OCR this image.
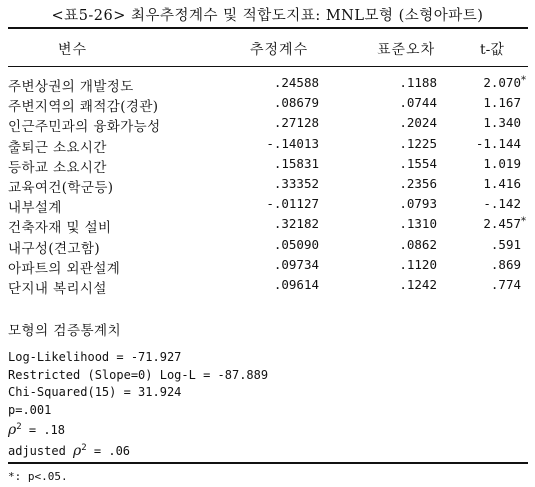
<표5-26> 최우추정계수 및 적합도지표: MNL모형 (소형아파트)
변수	추정계수	표준오차	t-값
주변상권의 개발정도	.24588	.1188	2.070 *
주변지역의 쾌적감(경관)	.08679	.0744	1.167
인근주민과의 융화가능성	.27128	.2024	1.340
출퇴근 소요시간	-.14013	.1225	-1.144
등하교 소요시간	.15831	.1554	1.019
교육여건(학군등)	.33352	.2356	1.416
내부설계	-.01127	.0793	-.142
건축자재 및 설비	.32182	.1310	2.457 *
내구성(견고함)	.05090	.0862	.591
아파트의 외관설계	.09734	.1120	.869
단지내 복리시설	.09614	.1242	.774
모형의 검증통계치
Log-Likelihood = -71.927
Restricted (Slope=0) Log-L = -87.889
Chi-Squared(15) = 31.924
p=.001
$\rho^2 = .18$
adjusted $\rho^2 = .06$
*: p<.05.
